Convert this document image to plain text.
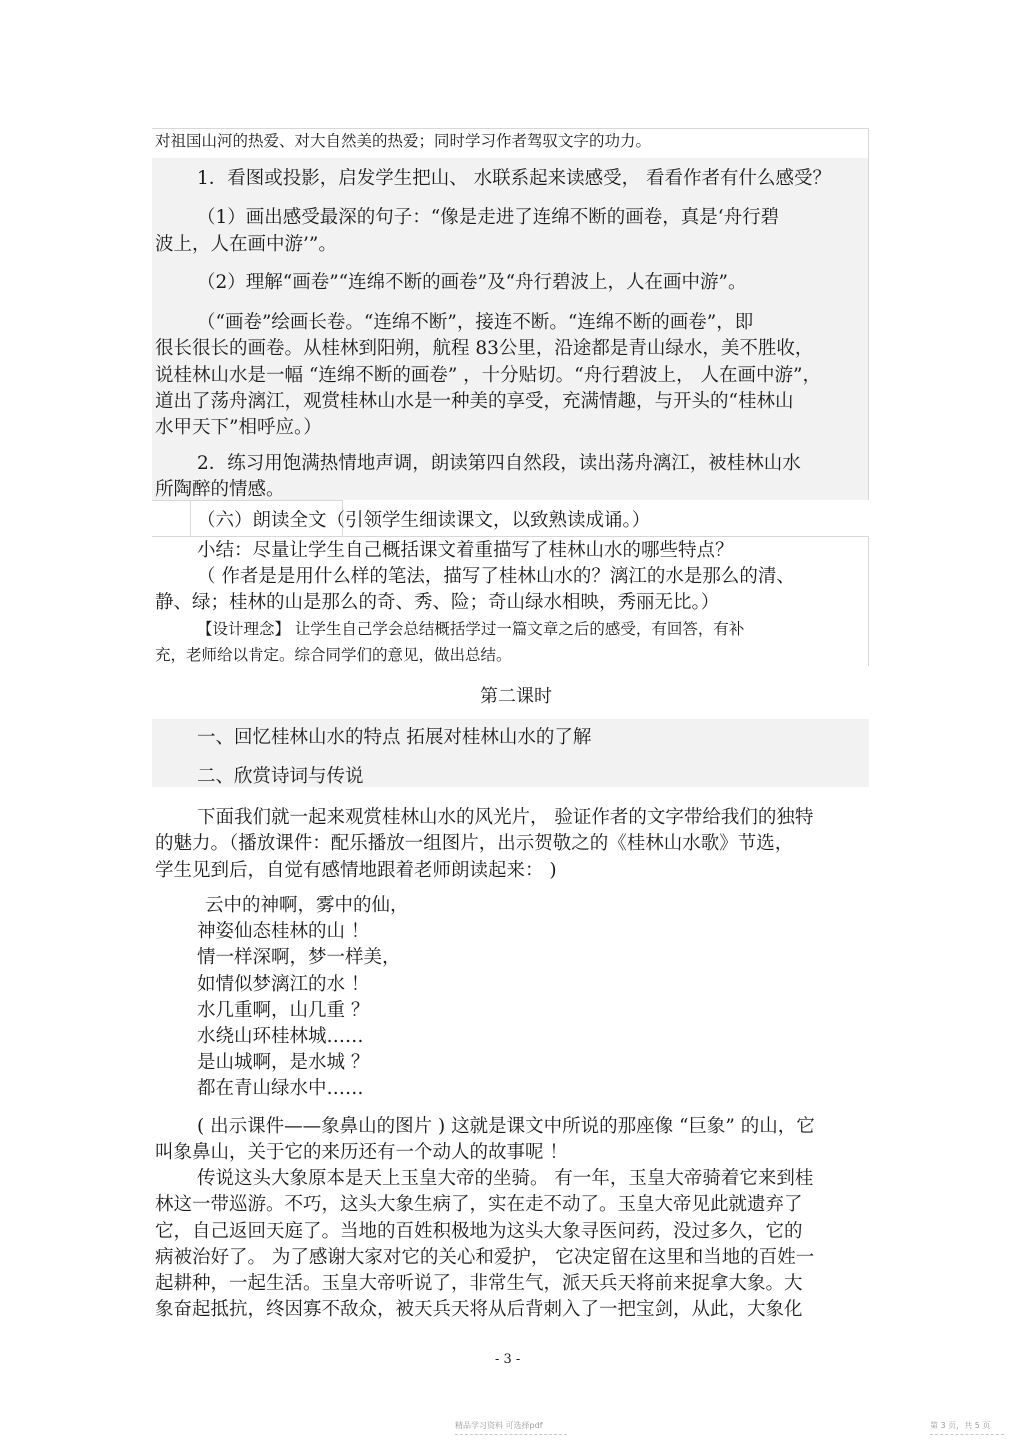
对祖国山河的热爱、对大自然美的热爱；同时学习作者驾驭文字的功力。
1．看图或投影，启发学生把山、 水联系起来读感受， 看看作者有什么感受？
（1）画出感受最深的句子：“像是走进了连绵不断的画卷，真是‘舟行碧
波上，人在画中游’”。
（2）理解“画卷”“连绵不断的画卷”及“舟行碧波上，人在画中游”。
（“画卷”绘画长卷。“连绵不断”，接连不断。“连绵不断的画卷”，即
很长很长的画卷。从桂林到阳朔，航程 83公里，沿途都是青山绿水，美不胜收，
说桂林山水是一幅 “连绵不断的画卷” ，十分贴切。“舟行碧波上， 人在画中游”，
道出了荡舟漓江，观赏桂林山水是一种美的享受，充满情趣，与开头的“桂林山
水甲天下”相呼应。）
2．练习用饱满热情地声调，朗读第四自然段，读出荡舟漓江，被桂林山水
所陶醉的情感。
（六）朗读全文（引领学生细读课文，以致熟读成诵。）
小结：尽量让学生自己概括课文着重描写了桂林山水的哪些特点？
（ 作者是是用什么样的笔法，描写了桂林山水的？漓江的水是那么的清、
静、绿；桂林的山是那么的奇、秀、险；奇山绿水相映，秀丽无比。）
【设计理念】 让学生自己学会总结概括学过一篇文章之后的感受，有回答，有补
充，老师给以肯定。综合同学们的意见，做出总结。
第二课时
一、回忆桂林山水的特点 拓展对桂林山水的了解
二、欣赏诗词与传说
下面我们就一起来观赏桂林山水的风光片， 验证作者的文字带给我们的独特
的魅力。（播放课件：配乐播放一组图片，出示贺敬之的《桂林山水歌》节选，
学生见到后，自觉有感情地跟着老师朗读起来： )
云中的神啊，雾中的仙，
神姿仙态桂林的山 ！
情一样深啊，梦一样美，
如情似梦漓江的水 ！
水几重啊，山几重 ？
水绕山环桂林城……
是山城啊，是水城 ？
都在青山绿水中……
( 出示课件——象鼻山的图片 ) 这就是课文中所说的那座像 “巨象” 的山，它
叫象鼻山，关于它的来历还有一个动人的故事呢 ！
传说这头大象原本是天上玉皇大帝的坐骑。 有一年，玉皇大帝骑着它来到桂
林这一带巡游。不巧，这头大象生病了，实在走不动了。玉皇大帝见此就遗弃了
它，自己返回天庭了。当地的百姓积极地为这头大象寻医问药，没过多久，它的
病被治好了。 为了感谢大家对它的关心和爱护， 它决定留在这里和当地的百姓一
起耕种，一起生活。玉皇大帝听说了，非常生气，派天兵天将前来捉拿大象。大
象奋起抵抗，终因寡不敌众，被天兵天将从后背刺入了一把宝剑，从此，大象化
- 3 -
精品学习资料 可选择pdf	第 3 页，共 5 页
